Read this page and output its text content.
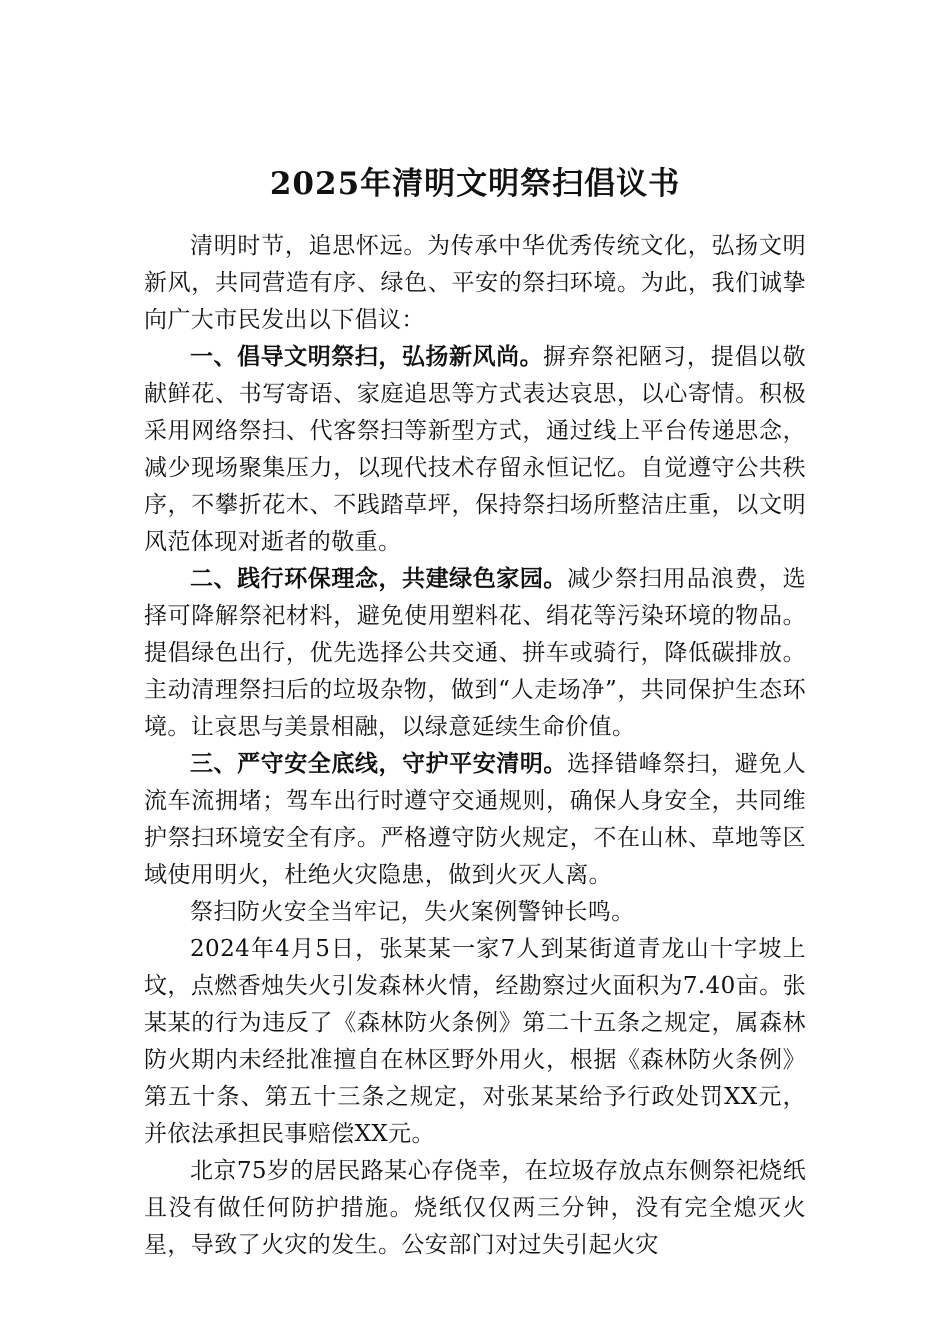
2025年清明文明祭扫倡议书

清明时节，追思怀远。为传承中华优秀传统文化，弘扬文明新风，共同营造有序、绿色、平安的祭扫环境。为此，我们诚挚向广大市民发出以下倡议：

一、倡导文明祭扫，弘扬新风尚。摒弃祭祀陋习，提倡以敬献鲜花、书写寄语、家庭追思等方式表达哀思，以心寄情。积极采用网络祭扫、代客祭扫等新型方式，通过线上平台传递思念，减少现场聚集压力，以现代技术存留永恒记忆。自觉遵守公共秩序，不攀折花木、不践踏草坪，保持祭扫场所整洁庄重，以文明风范体现对逝者的敬重。

二、践行环保理念，共建绿色家园。减少祭扫用品浪费，选择可降解祭祀材料，避免使用塑料花、绢花等污染环境的物品。提倡绿色出行，优先选择公共交通、拼车或骑行，降低碳排放。主动清理祭扫后的垃圾杂物，做到“人走场净”，共同保护生态环境。让哀思与美景相融，以绿意延续生命价值。

三、严守安全底线，守护平安清明。选择错峰祭扫，避免人流车流拥堵；驾车出行时遵守交通规则，确保人身安全，共同维护祭扫环境安全有序。严格遵守防火规定，不在山林、草地等区域使用明火，杜绝火灾隐患，做到火灭人离。

祭扫防火安全当牢记，失火案例警钟长鸣。

2024年4月5日，张某某一家7人到某街道青龙山十字坡上坟，点燃香烛失火引发森林火情，经勘察过火面积为7.40亩。张某某的行为违反了《森林防火条例》第二十五条之规定，属森林防火期内未经批准擅自在林区野外用火，根据《森林防火条例》第五十条、第五十三条之规定，对张某某给予行政处罚XX元，并依法承担民事赔偿XX元。

北京75岁的居民路某心存侥幸，在垃圾存放点东侧祭祀烧纸且没有做任何防护措施。烧纸仅仅两三分钟，没有完全熄灭火星，导致了火灾的发生。公安部门对过失引起火灾
